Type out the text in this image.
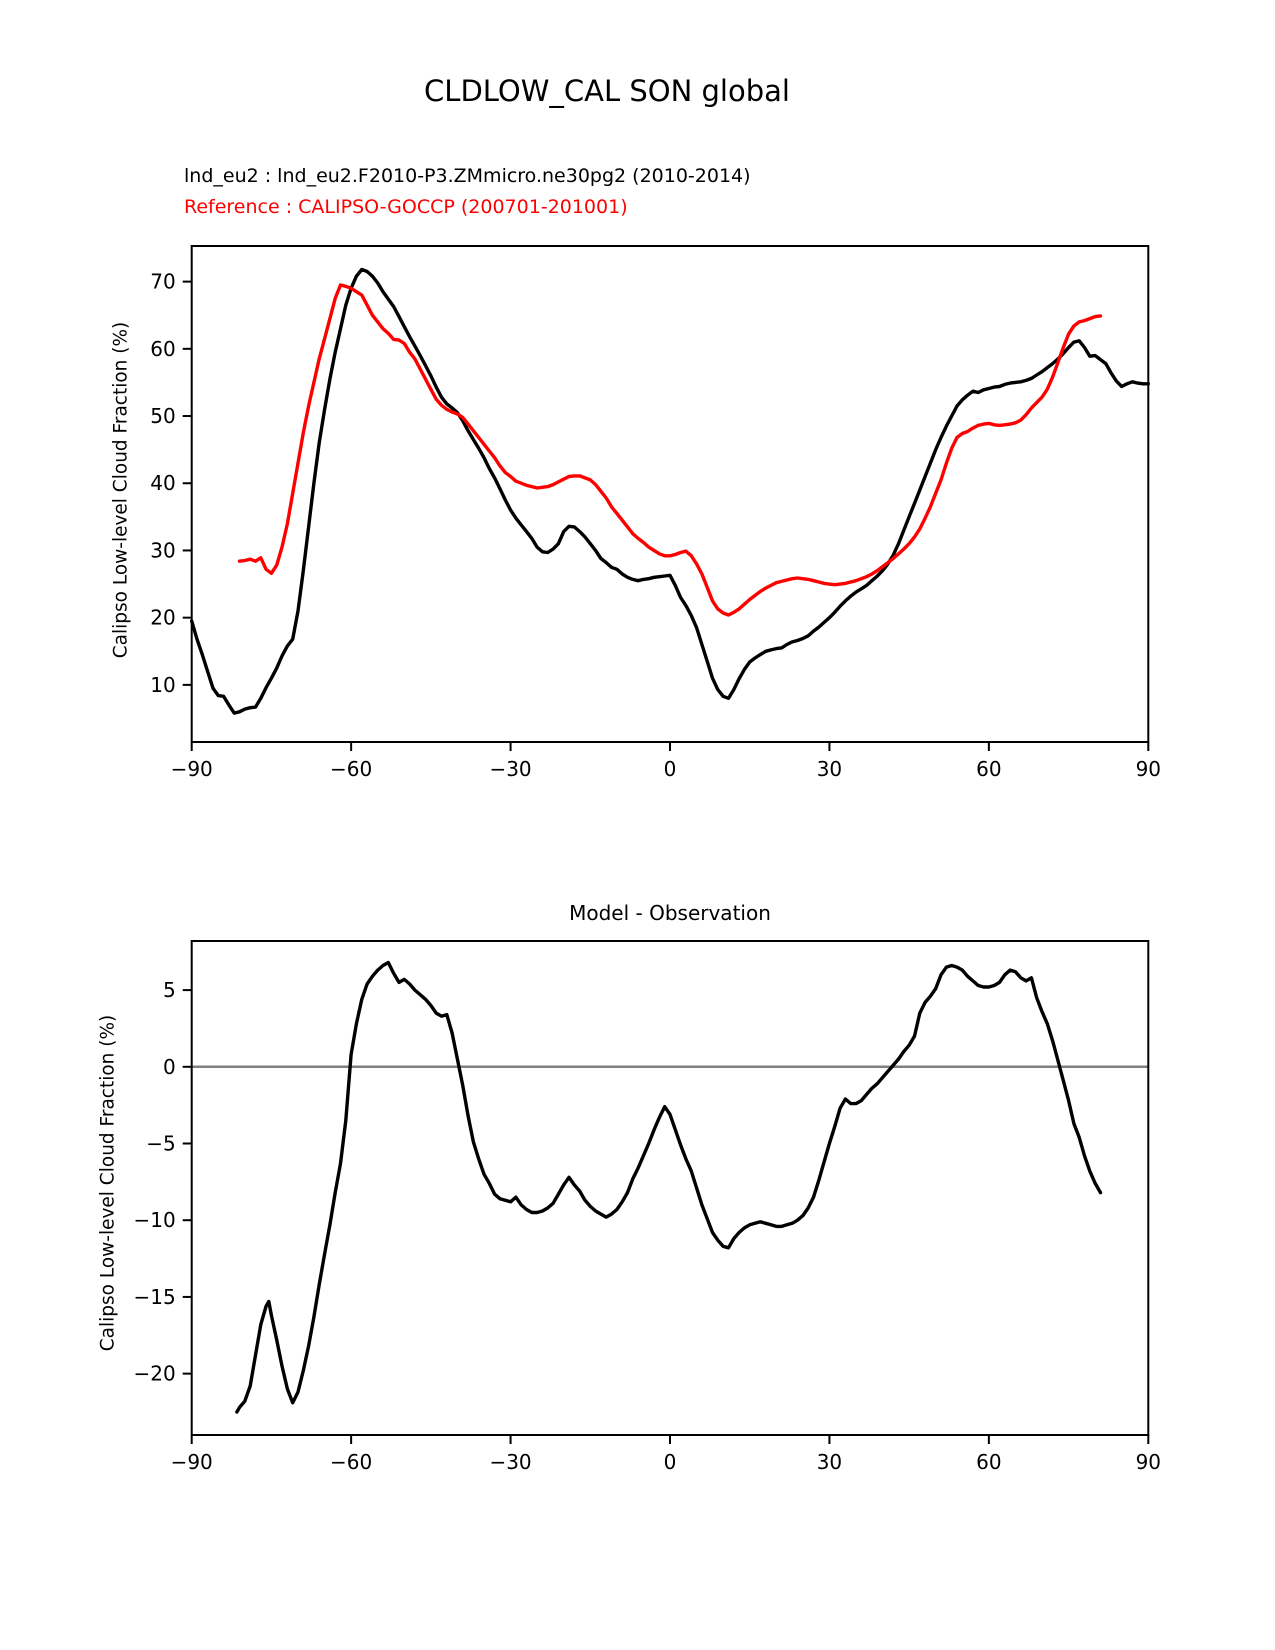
CLDLOW_CAL SON global
lnd_eu2 : lnd_eu2.F2010-P3.ZMmicro.ne30pg2 (2010-2014)
Reference : CALIPSO-GOCCP (200701-201001)
Calipso Low-level Cloud Fraction (%)
Model - Observation
Calipso Low-level Cloud Fraction (%)
−90	−60	−30	0	30	60	90
10
20
30
40
50
60
70
−90	−60	−30	0	30	60	90
5
0
−5
−10
−15
−20
